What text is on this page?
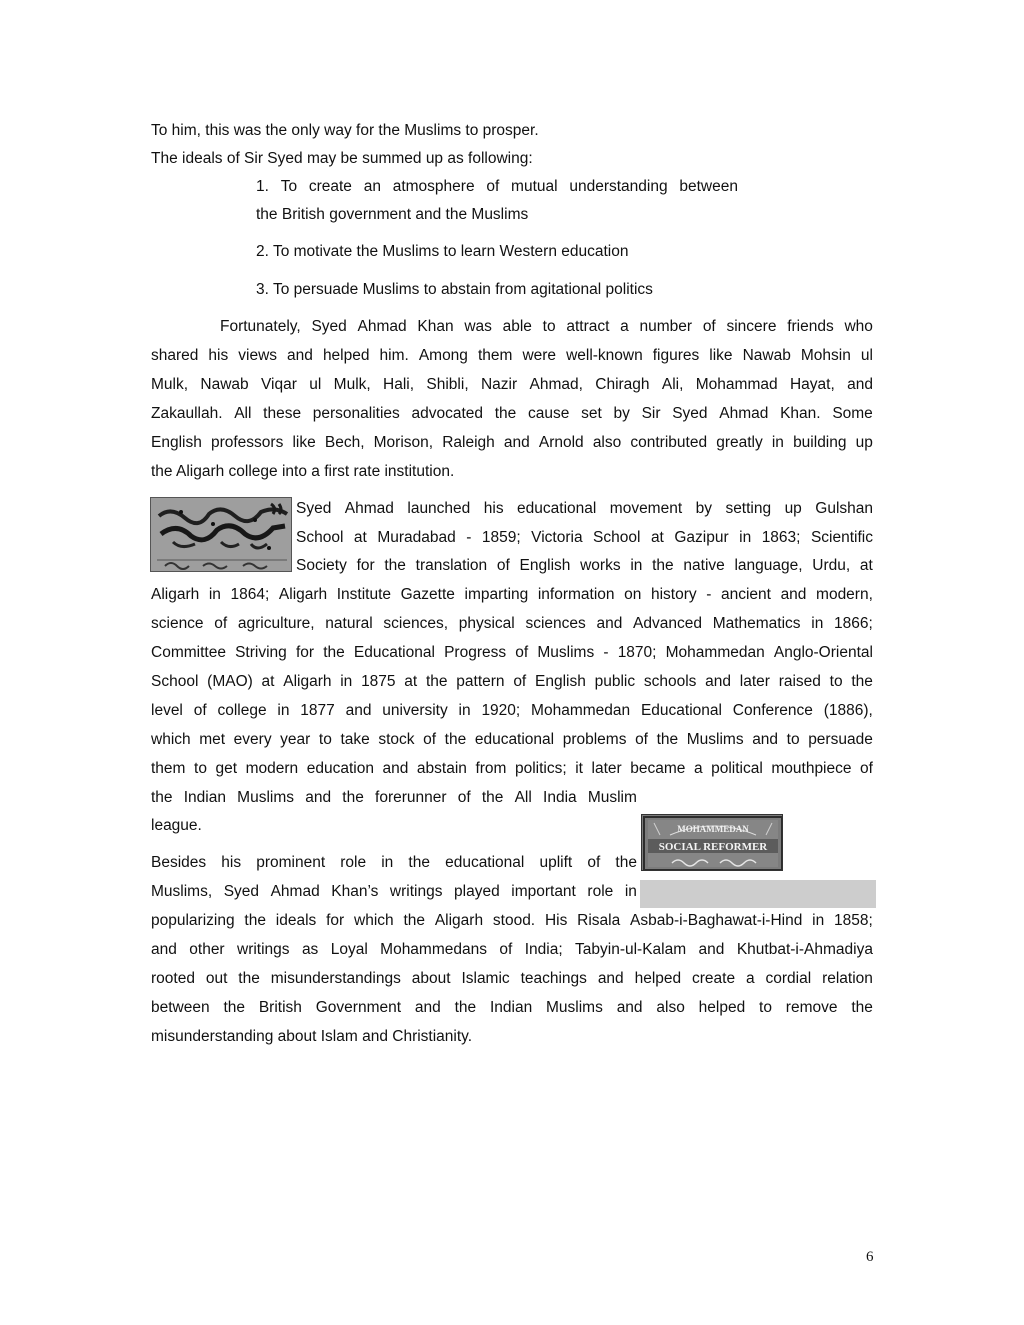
To him, this was the only way for the Muslims to prosper.

The ideals of Sir Syed may be summed up as following:

1. To create an atmosphere of mutual understanding between

the British government and the Muslims

2. To motivate the Muslims to learn Western education

3. To persuade Muslims to abstain from agitational politics

Fortunately, Syed Ahmad Khan was able to attract a number of sincere friends who

shared his views and helped him. Among them were well-known figures like Nawab Mohsin ul

Mulk, Nawab Viqar ul Mulk, Hali, Shibli, Nazir Ahmad, Chiragh Ali, Mohammad Hayat, and

Zakaullah. All these personalities advocated the cause set by Sir Syed Ahmad Khan. Some

English professors like Bech, Morison, Raleigh and Arnold also contributed greatly in building up

the Aligarh college into a first rate institution.

Syed Ahmad launched his educational movement by setting up Gulshan

School at Muradabad - 1859; Victoria School at Gazipur in 1863; Scientific

Society for the translation of English works in the native language, Urdu, at

Aligarh in 1864; Aligarh Institute Gazette imparting information on history - ancient and modern,

science of agriculture, natural sciences, physical sciences and Advanced Mathematics in 1866;

Committee Striving for the Educational Progress of Muslims - 1870; Mohammedan Anglo-Oriental

School (MAO) at Aligarh in 1875 at the pattern of English public schools and later raised to the

level of college in 1877 and university in 1920; Mohammedan Educational Conference (1886),

which met every year to take stock of the educational problems of the Muslims and to persuade

them to get modern education and abstain from politics; it later became a political mouthpiece of

the Indian Muslims and the forerunner of the All India Muslim

league.	MOHAMMEDAN
SOCIAL REFORMER

Besides his prominent role in the educational uplift of the

Muslims, Syed Ahmad Khan’s writings played important role in

popularizing the ideals for which the Aligarh stood. His Risala Asbab-i-Baghawat-i-Hind in 1858;

and other writings as Loyal Mohammedans of India; Tabyin-ul-Kalam and Khutbat-i-Ahmadiya

rooted out the misunderstandings about Islamic teachings and helped create a cordial relation

between the British Government and the Indian Muslims and also helped to remove the

misunderstanding about Islam and Christianity.

6
